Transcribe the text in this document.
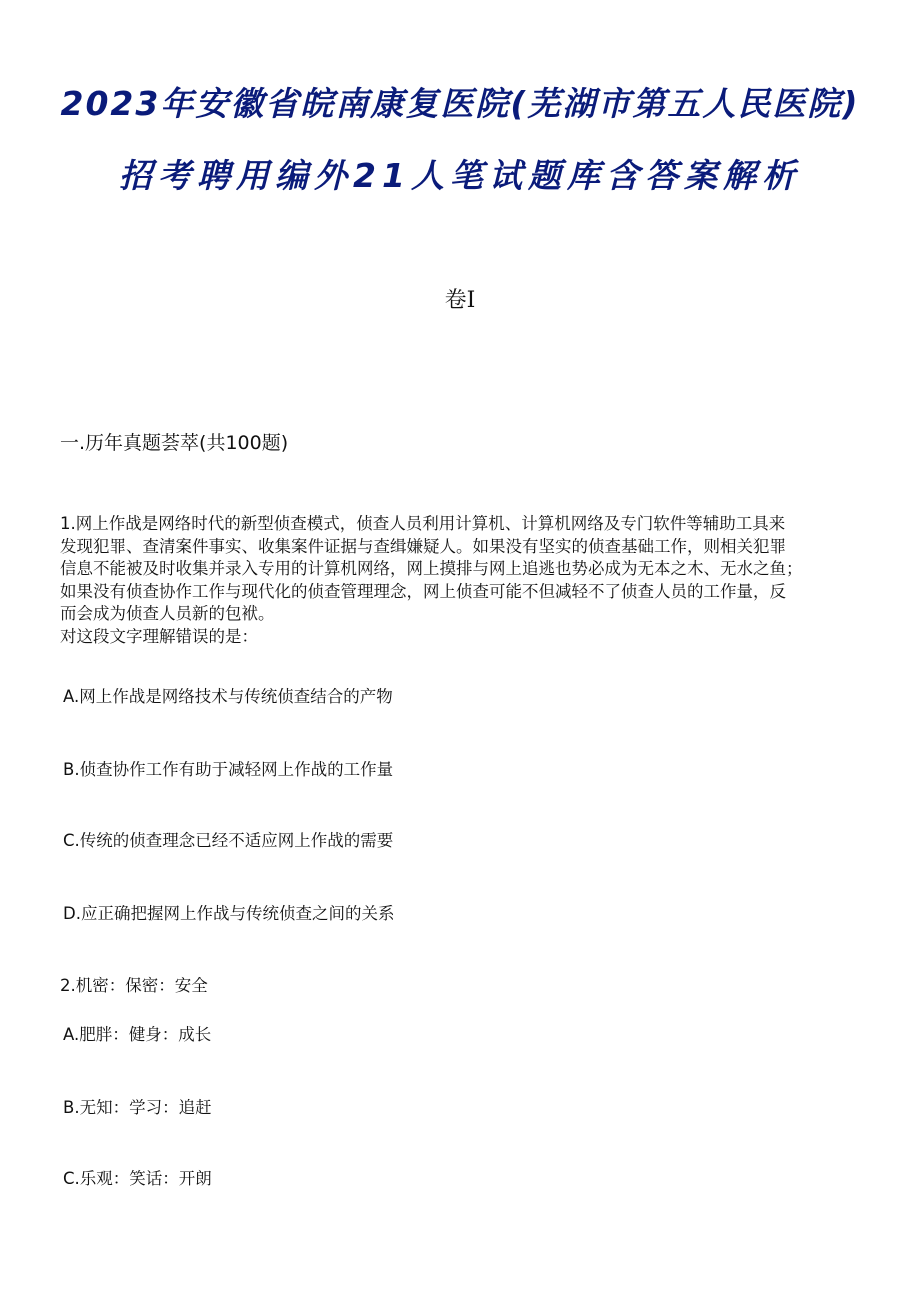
2023年安徽省皖南康复医院(芜湖市第五人民医院)
招考聘用编外21人笔试题库含答案解析
卷Ⅰ
一.历年真题荟萃(共100题)

1.网上作战是网络时代的新型侦查模式，侦查人员利用计算机、计算机网络及专门软件等辅助工具来

发现犯罪、查清案件事实、收集案件证据与查缉嫌疑人。如果没有坚实的侦查基础工作，则相关犯罪

信息不能被及时收集并录入专用的计算机网络，网上摸排与网上追逃也势必成为无本之木、无水之鱼；

如果没有侦查协作工作与现代化的侦查管理理念，网上侦查可能不但减轻不了侦查人员的工作量，反

而会成为侦查人员新的包袱。

对这段文字理解错误的是：

A.网上作战是网络技术与传统侦查结合的产物
B.侦查协作工作有助于减轻网上作战的工作量
C.传统的侦查理念已经不适应网上作战的需要
D.应正确把握网上作战与传统侦查之间的关系
2.机密：保密：安全
A.肥胖：健身：成长
B.无知：学习：追赶
C.乐观：笑话：开朗
